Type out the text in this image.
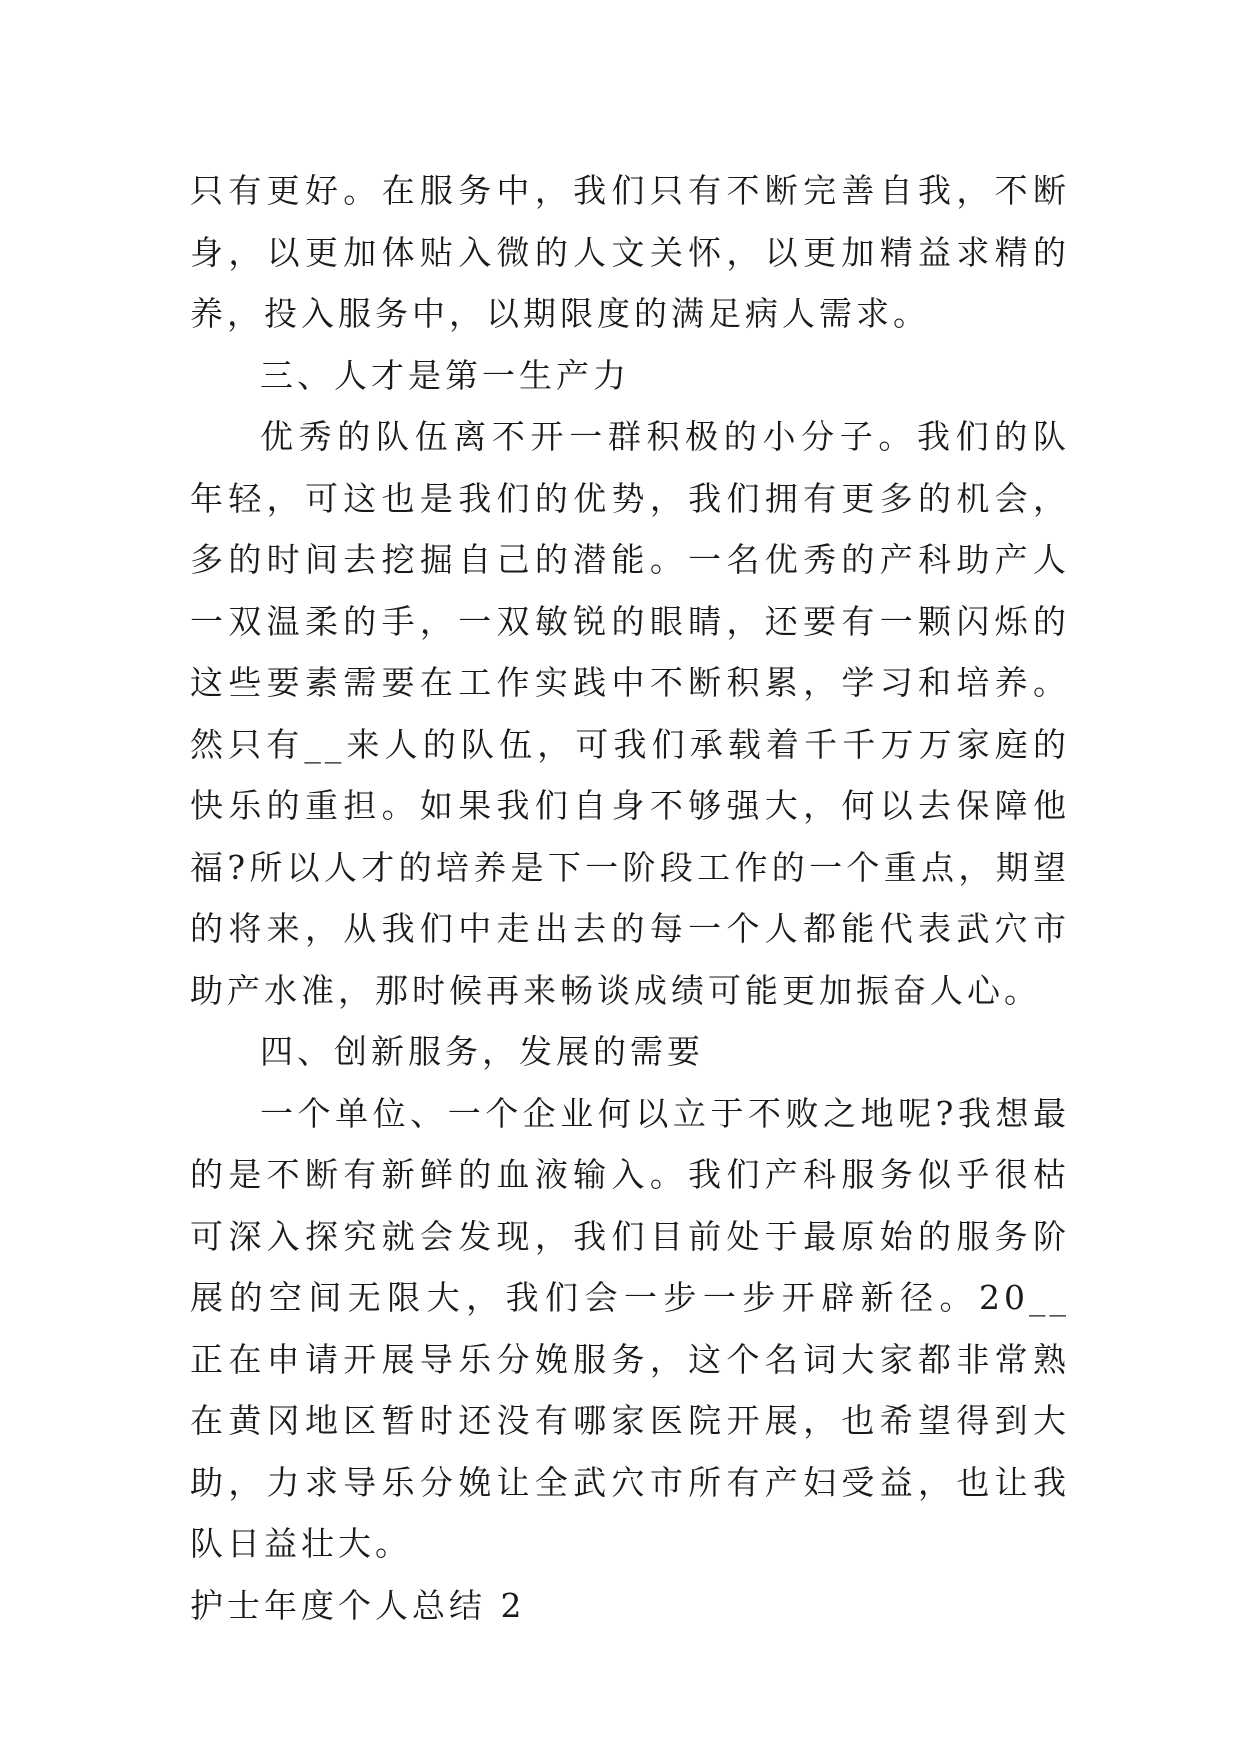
只有更好。在服务中，我们只有不断完善自我，不断
身，以更加体贴入微的人文关怀，以更加精益求精的
养，投入服务中，以期限度的满足病人需求。
三、人才是第一生产力
优秀的队伍离不开一群积极的小分子。我们的队
年轻，可这也是我们的优势，我们拥有更多的机会，
多的时间去挖掘自己的潜能。一名优秀的产科助产人
一双温柔的手，一双敏锐的眼睛，还要有一颗闪烁的
这些要素需要在工作实践中不断积累，学习和培养。
然只有__来人的队伍，可我们承载着千千万万家庭的
快乐的重担。如果我们自身不够强大，何以去保障他
福?所以人才的培养是下一阶段工作的一个重点，期望
的将来，从我们中走出去的每一个人都能代表武穴市
助产水准，那时候再来畅谈成绩可能更加振奋人心。
四、创新服务，发展的需要
一个单位、一个企业何以立于不败之地呢?我想最
的是不断有新鲜的血液输入。我们产科服务似乎很枯
可深入探究就会发现，我们目前处于最原始的服务阶
展的空间无限大，我们会一步一步开辟新径。20__
正在申请开展导乐分娩服务，这个名词大家都非常熟
在黄冈地区暂时还没有哪家医院开展，也希望得到大
助，力求导乐分娩让全武穴市所有产妇受益，也让我
队日益壮大。
护士年度个人总结 2
